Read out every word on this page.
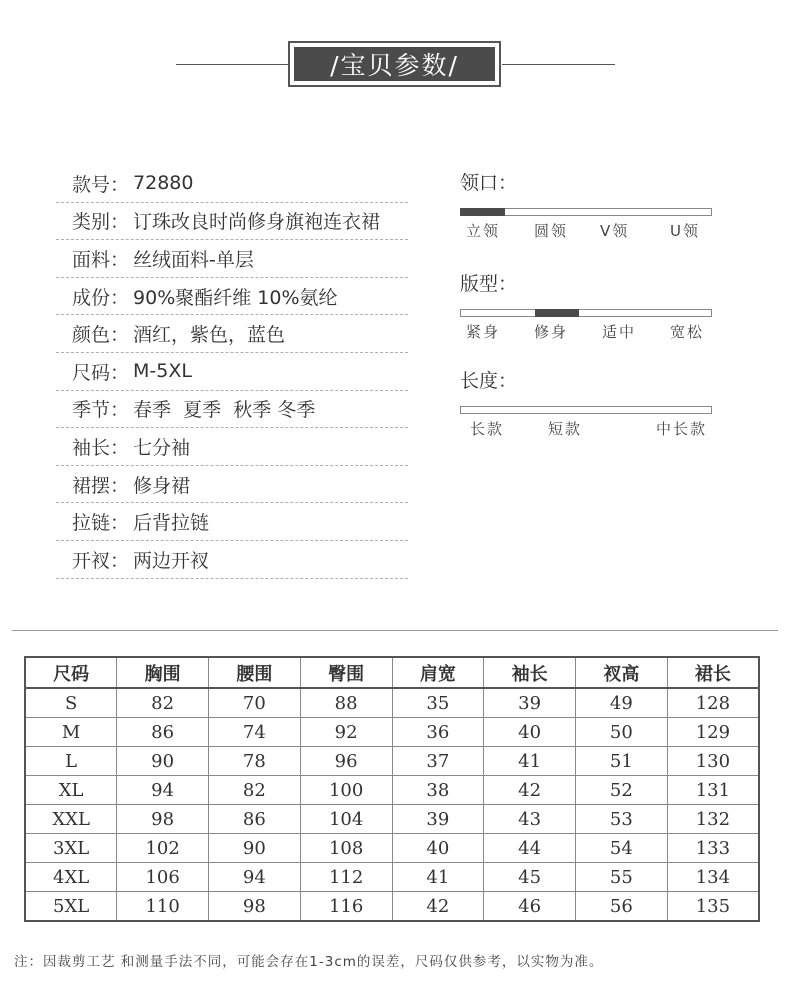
/宝贝参数/
款号 ： 72880
类别 ： 订珠改良时尚修身旗袍连衣裙
面料 ： 丝绒面料-单层
成份 ： 90%聚酯纤维 10%氨纶
颜色 ： 酒红，紫色，蓝色
尺码 ： M-5XL
季节 ： 春季  夏季  秋季 冬季
袖长 ： 七分袖
裙摆 ： 修身裙
拉链 ： 后背拉链
开衩 ： 两边开衩
领口：
立领 圆领 V领	U领
版型：
紧身 修身 适中 宽松
长度：
长款	短款	中长款
尺码	胸围	腰围	臀围	肩宽	袖长	衩高	裙长
S	82	70	88	35	39	49	128
M	86	74	92	36	40	50	129
L	90	78	96	37	41	51	130
XL	94	82	100	38	42	52	131
XXL	98	86	104	39	43	53	132
3XL	102	90	108	40	44	54	133
4XL	106	94	112	41	45	55	134
5XL	110	98	116	42	46	56	135
注：因裁剪工艺 和测量手法不同，可能会存在1-3cm的误差，尺码仅供参考，以实物为准。
